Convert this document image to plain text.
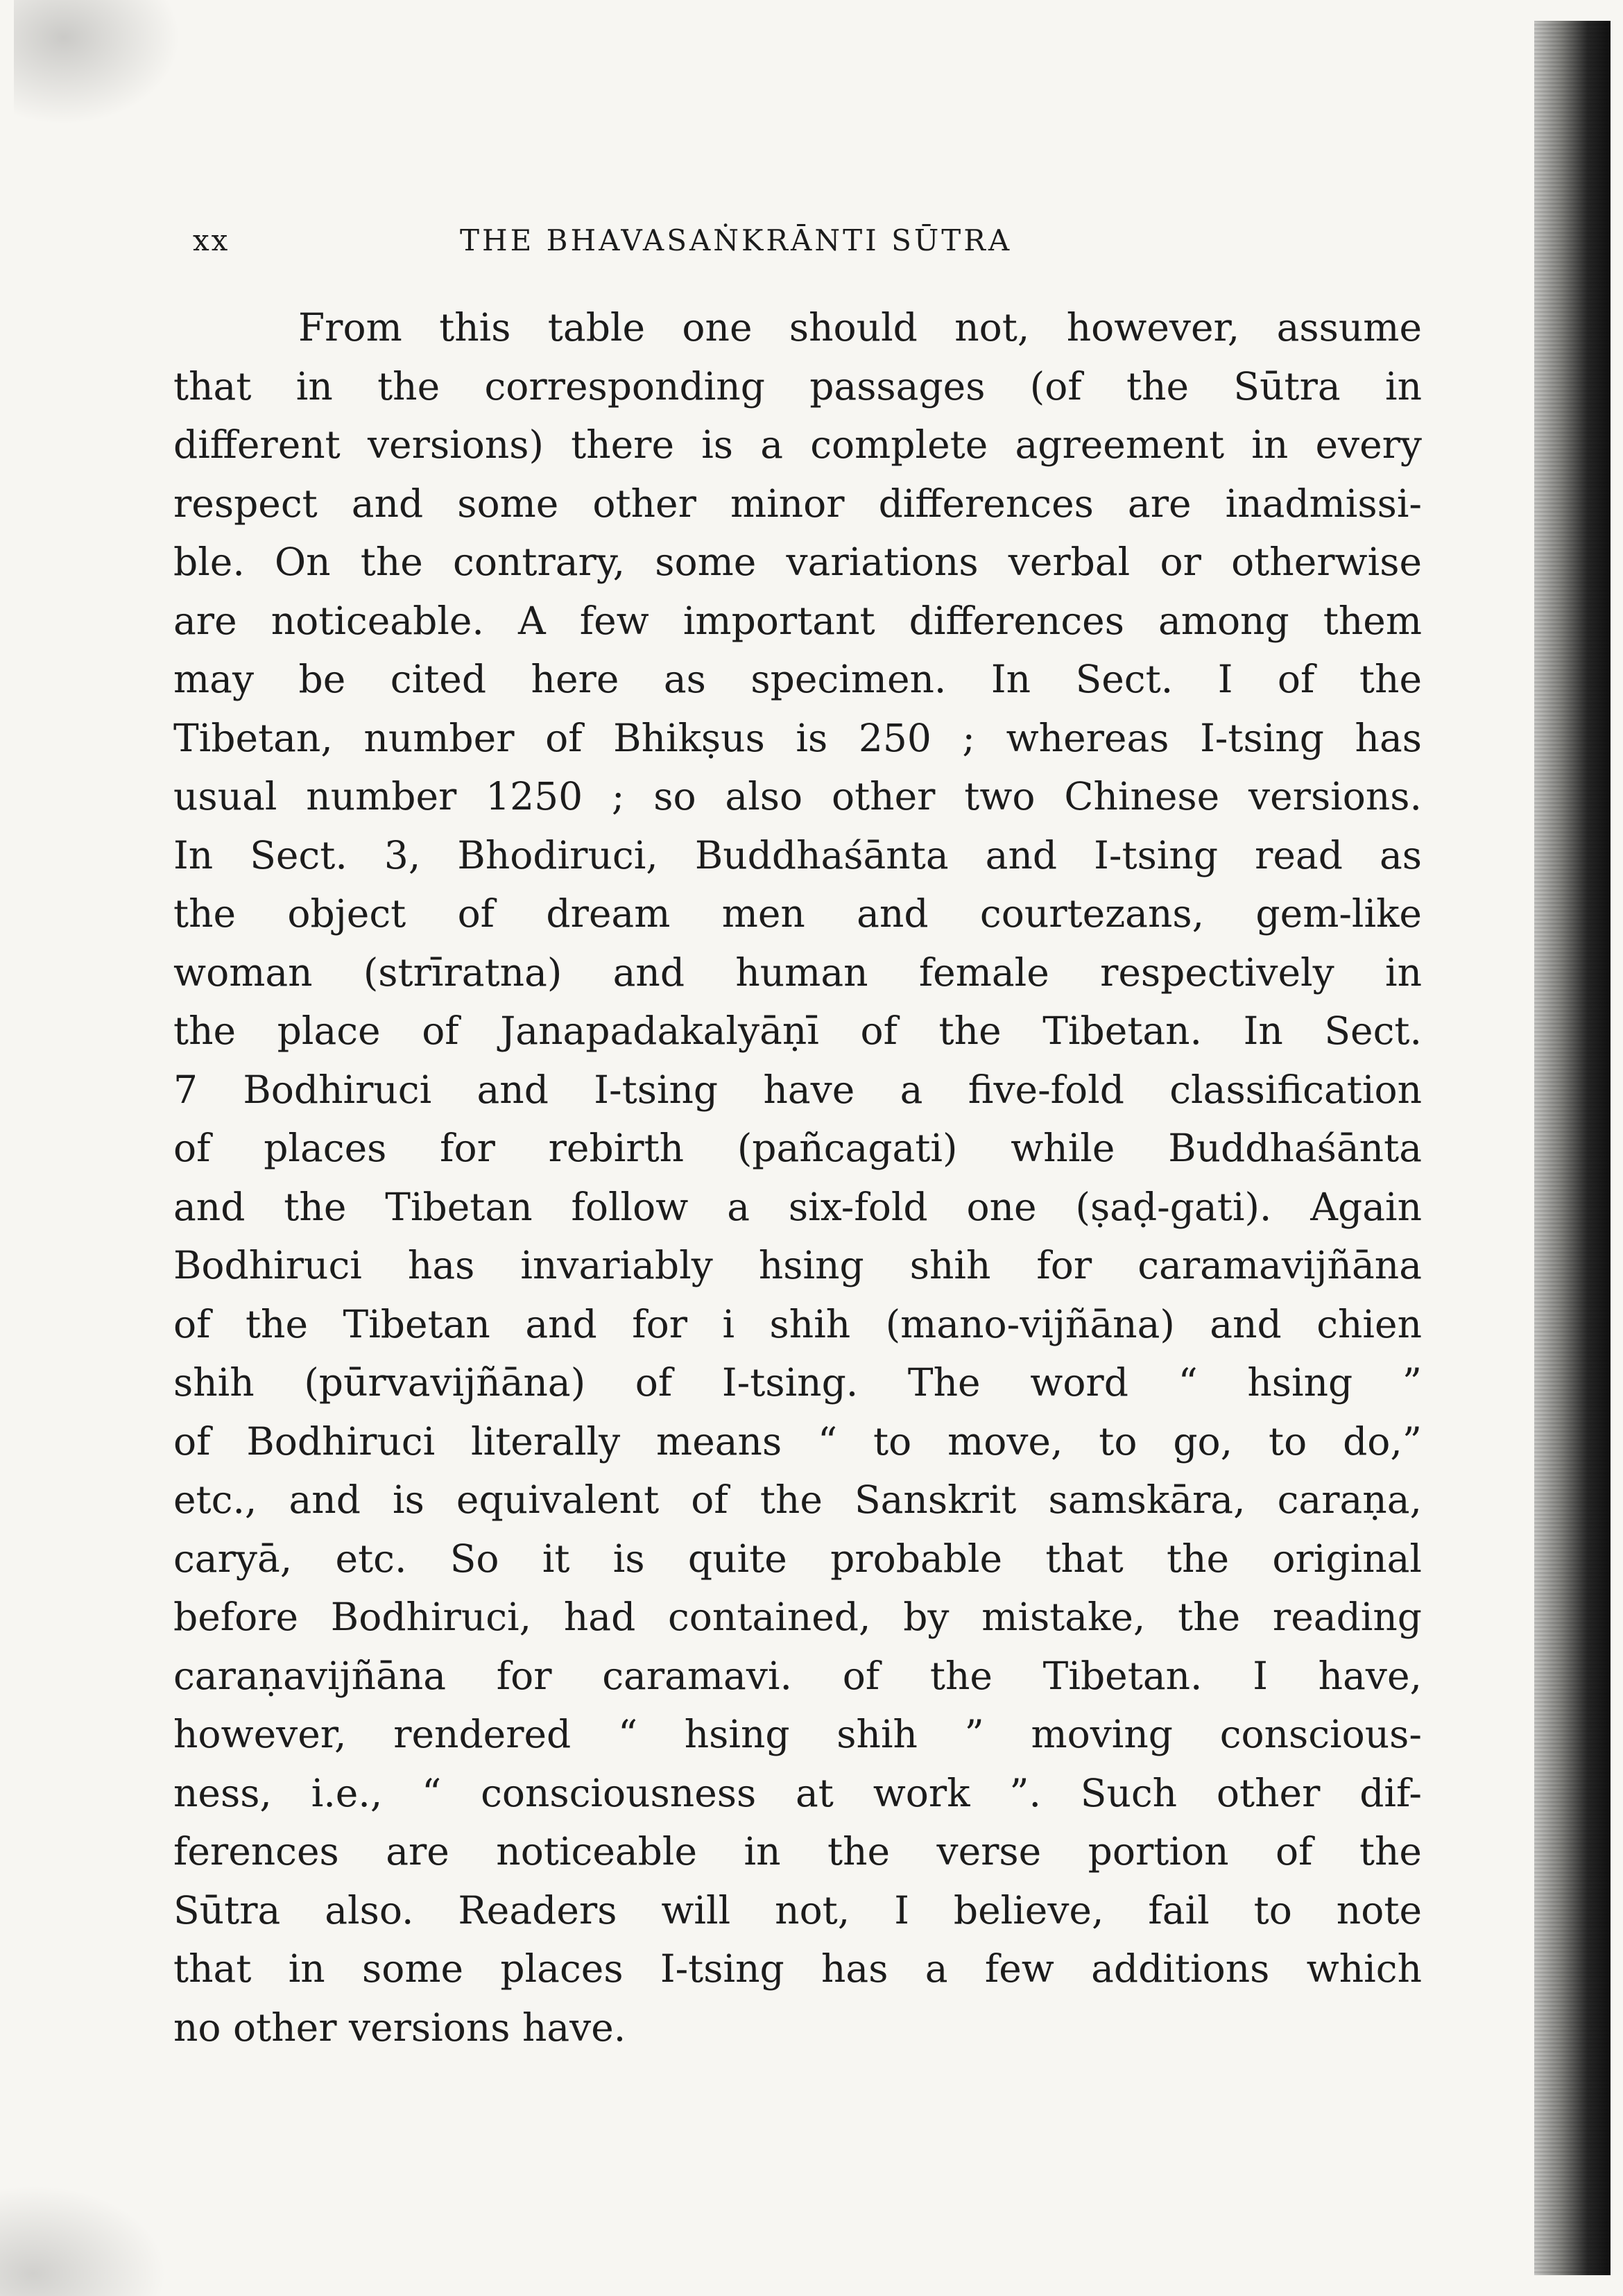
xx	THE BHAVASAṄKRĀNTI SŪTRA
From this table one should not, however, assume
that in the corresponding passages (of the Sūtra in
different versions) there is a complete agreement in every
respect and some other minor differences are inadmissi-
ble. On the contrary, some variations verbal or otherwise
are noticeable. A few important differences among them
may be cited here as specimen. In Sect. I of the
Tibetan, number of Bhikṣus is 250 ; whereas I-tsing has
usual number 1250 ; so also other two Chinese versions.
In Sect. 3, Bhodiruci, Buddhaśānta and I-tsing read as
the object of dream men and courtezans, gem-like
woman (strīratna) and human female respectively in
the place of Janapadakalyāṇī of the Tibetan. In Sect.
7 Bodhiruci and I-tsing have a five-fold classification
of places for rebirth (pañcagati) while Buddhaśānta
and the Tibetan follow a six-fold one (ṣaḍ-gati). Again
Bodhiruci has invariably hsing shih for caramavijñāna
of the Tibetan and for i shih (mano-vijñāna) and chien
shih (pūrvavijñāna) of I-tsing. The word “ hsing ”
of Bodhiruci literally means “ to move, to go, to do,”
etc., and is equivalent of the Sanskrit samskāra, caraṇa,
caryā, etc. So it is quite probable that the original
before Bodhiruci, had contained, by mistake, the reading
caraṇavijñāna for caramavi. of the Tibetan. I have,
however, rendered “ hsing shih ” moving conscious-
ness, i.e., “ consciousness at work ”. Such other dif-
ferences are noticeable in the verse portion of the
Sūtra also. Readers will not, I believe, fail to note
that in some places I-tsing has a few additions which
no other versions have.
